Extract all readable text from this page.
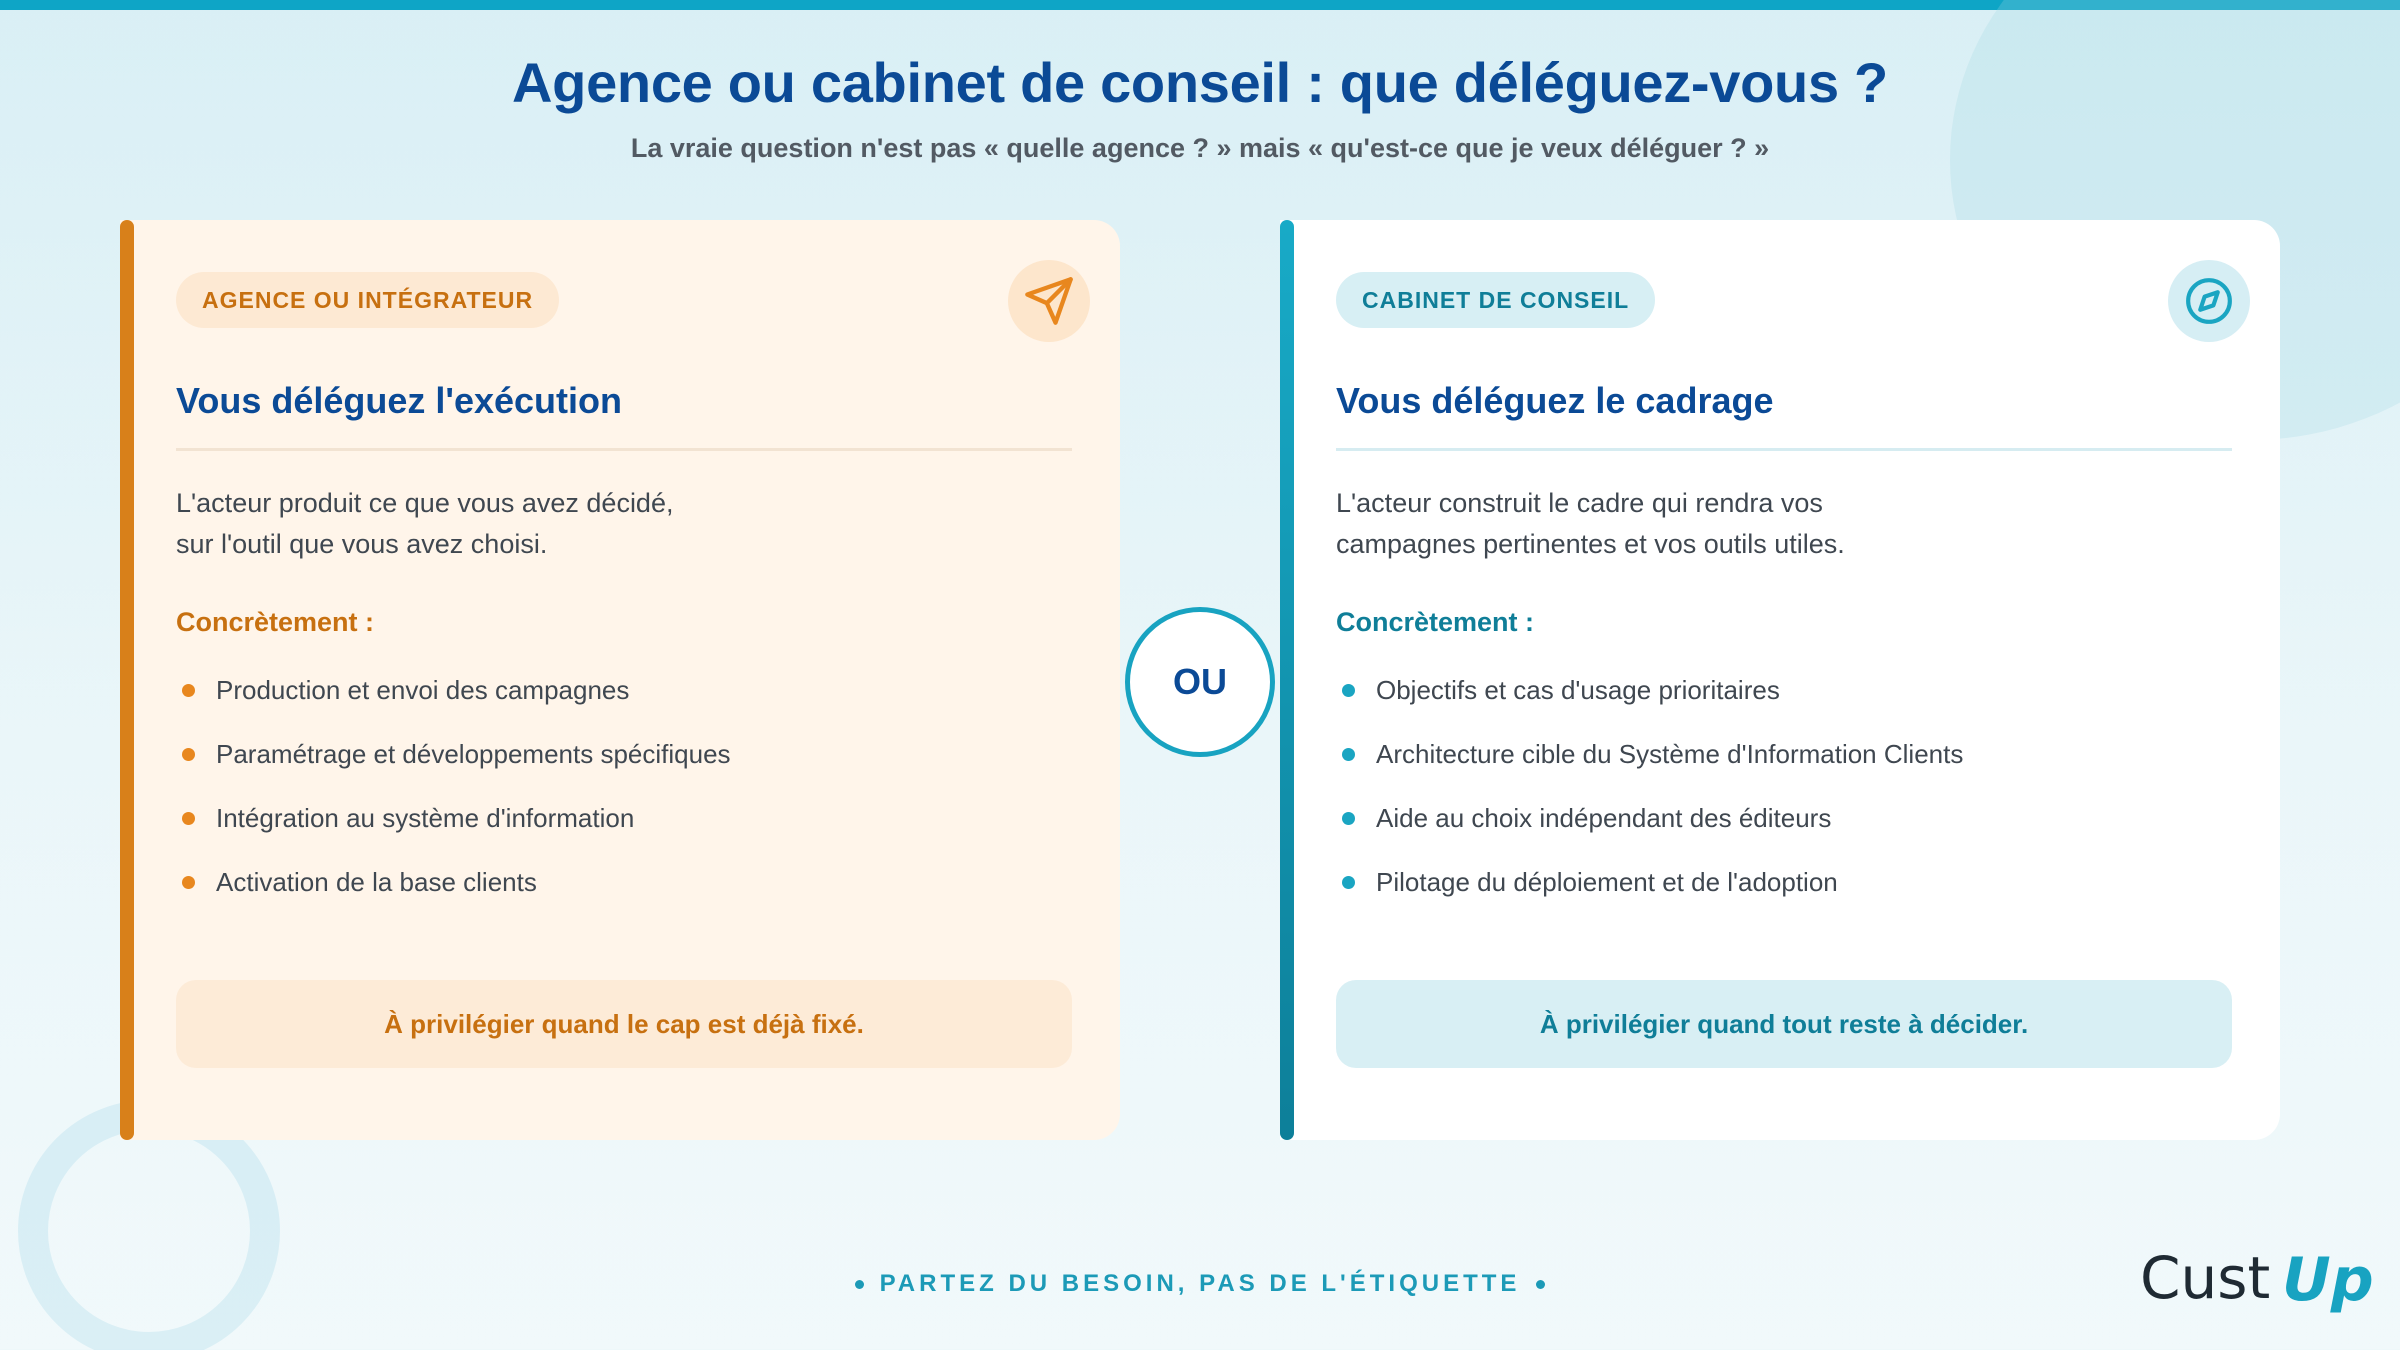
Agence ou cabinet de conseil : que déléguez-vous ?

La vraie question n'est pas « quelle agence ? » mais « qu'est-ce que je veux déléguer ? »

AGENCE OU INTÉGRATEUR
Vous déléguez l'exécution

L'acteur produit ce que vous avez décidé,
sur l'outil que vous avez choisi.

Concrètement :

Production et envoi des campagnes
Paramétrage et développements spécifiques
Intégration au système d'information
Activation de la base clients
À privilégier quand le cap est déjà fixé.
OU
CABINET DE CONSEIL
Vous déléguez le cadrage

L'acteur construit le cadre qui rendra vos
campagnes pertinentes et vos outils utiles.

Concrètement :

Objectifs et cas d'usage prioritaires
Architecture cible du Système d'Information Clients
Aide au choix indépendant des éditeurs
Pilotage du déploiement et de l'adoption
À privilégier quand tout reste à décider.
PARTEZ DU BESOIN, PAS DE L'ÉTIQUETTE	Cust Up
